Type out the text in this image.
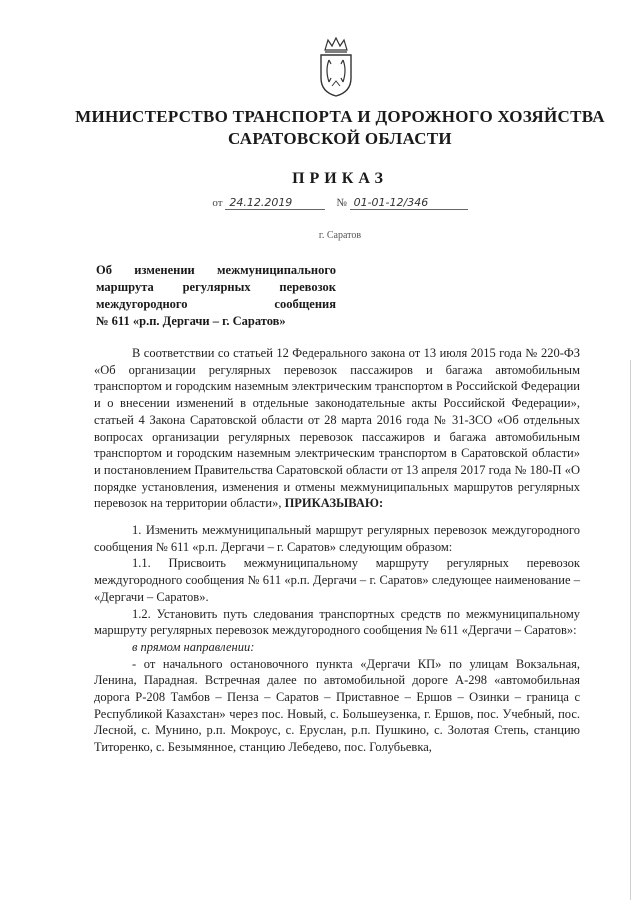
МИНИСТЕРСТВО ТРАНСПОРТА И ДОРОЖНОГО ХОЗЯЙСТВА
САРАТОВСКОЙ ОБЛАСТИ
ПРИКАЗ
от 24.12.2019	№ 01-01-12/346
г. Саратов
Об изменении межмуниципального
маршрута регулярных перевозок
междугородного сообщения
№ 611 «р.п. Дергачи – г. Саратов»

В соответствии со статьей 12 Федерального закона от 13 июля 2015 года № 220-ФЗ «Об организации регулярных перевозок пассажиров и багажа автомобильным транспортом и городским наземным электрическим транспортом в Российской Федерации и о внесении изменений в отдельные законодательные акты Российской Федерации», статьей 4 Закона Саратовской области от 28 марта 2016 года № 31-ЗСО «Об отдельных вопросах организации регулярных перевозок пассажиров и багажа автомобильным транспортом и городским наземным электрическим транспортом в Саратовской области» и постановлением Правительства Саратовской области от 13 апреля 2017 года № 180-П «О порядке установления, изменения и отмены межмуниципальных маршрутов регулярных перевозок на территории области», ПРИКАЗЫВАЮ:

1. Изменить межмуниципальный маршрут регулярных перевозок междугородного сообщения № 611 «р.п. Дергачи – г. Саратов» следующим образом:

1.1. Присвоить межмуниципальному маршруту регулярных перевозок междугородного сообщения № 611 «р.п. Дергачи – г. Саратов» следующее наименование – «Дергачи – Саратов».

1.2. Установить путь следования транспортных средств по межмуниципальному маршруту регулярных перевозок междугородного сообщения № 611 «Дергачи – Саратов»:

в прямом направлении:

- от начального остановочного пункта «Дергачи КП» по улицам Вокзальная, Ленина, Парадная. Встречная далее по автомобильной дороге А-298 «автомобильная дорога Р-208 Тамбов – Пенза – Саратов – Приставное – Ершов – Озинки – граница с Республикой Казахстан» через пос. Новый, с. Большеузенка, г. Ершов, пос. Учебный, пос. Лесной, с. Мунино, р.п. Мокроус, с. Еруслан, р.п. Пушкино, с. Золотая Степь, станцию Титоренко, с. Безымянное, станцию Лебедево, пос. Голубьевка,
